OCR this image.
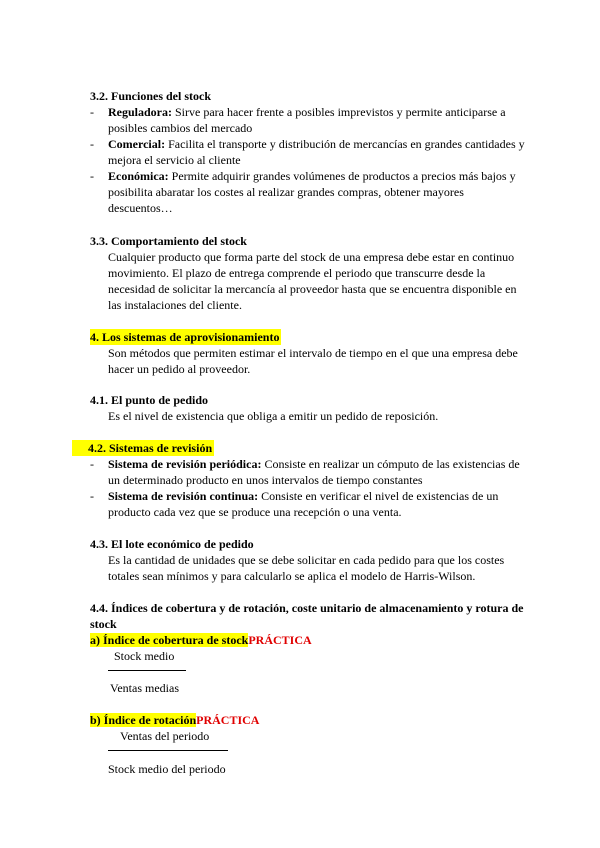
3.2. Funciones del stock
- Reguladora: Sirve para hacer frente a posibles imprevistos y permite anticiparse a posibles cambios del mercado
- Comercial: Facilita el transporte y distribución de mercancías en grandes cantidades y mejora el servicio al cliente
- Económica: Permite adquirir grandes volúmenes de productos a precios más bajos y posibilita abaratar los costes al realizar grandes compras, obtener mayores descuentos…
3.3. Comportamiento del stock
Cualquier producto que forma parte del stock de una empresa debe estar en continuo movimiento. El plazo de entrega comprende el periodo que transcurre desde la necesidad de solicitar la mercancía al proveedor hasta que se encuentra disponible en las instalaciones del cliente.
4. Los sistemas de aprovisionamiento
Son métodos que permiten estimar el intervalo de tiempo en el que una empresa debe hacer un pedido al proveedor.
4.1. El punto de pedido
Es el nivel de existencia que obliga a emitir un pedido de reposición.
4.2. Sistemas de revisión
- Sistema de revisión periódica: Consiste en realizar un cómputo de las existencias de un determinado producto en unos intervalos de tiempo constantes
- Sistema de revisión continua: Consiste en verificar el nivel de existencias de un producto cada vez que se produce una recepción o una venta.
4.3. El lote económico de pedido
Es la cantidad de unidades que se debe solicitar en cada pedido para que los costes totales sean mínimos y para calcularlo se aplica el modelo de Harris-Wilson.
4.4. Índices de cobertura y de rotación, coste unitario de almacenamiento y rotura de stock
a) Índice de cobertura de stockPRÁCTICA
Stock medio
Ventas medias
b) Índice de rotaciónPRÁCTICA
Ventas del periodo
Stock medio del periodo
